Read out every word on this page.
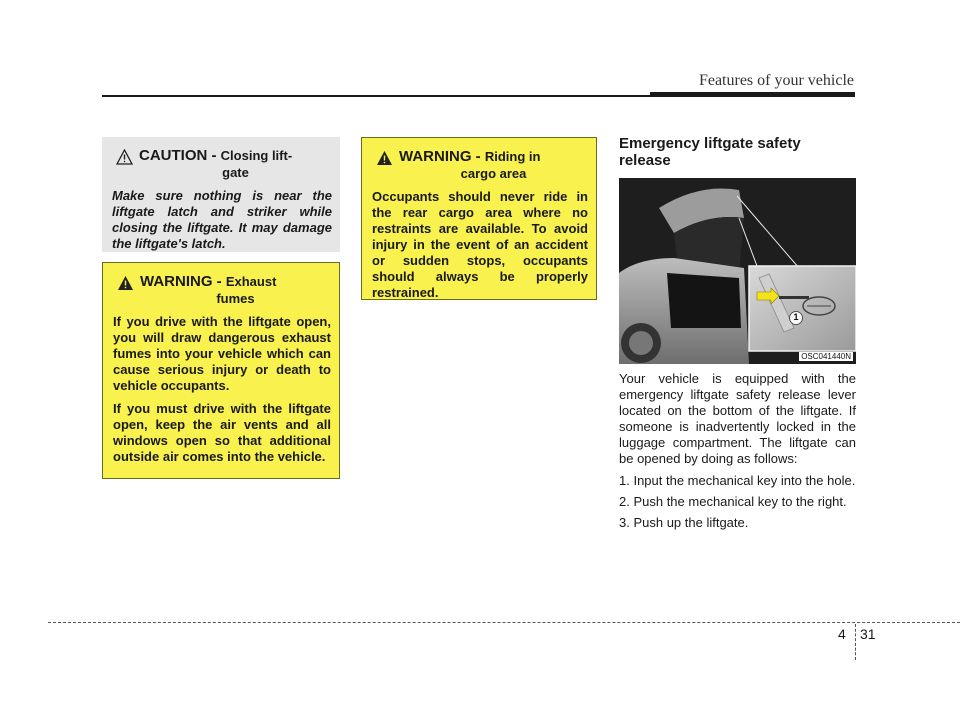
Features of your vehicle
CAUTION - Closing lift-
gate
Make sure nothing is near the liftgate latch and striker while closing the liftgate. It may damage the liftgate's latch.
WARNING - Exhaust
fumes

If you drive with the liftgate open, you will draw dangerous exhaust fumes into your vehicle which can cause serious injury or death to vehicle occupants.

If you must drive with the liftgate open, keep the air vents and all windows open so that additional outside air comes into the vehicle.

WARNING - Riding in
cargo area

Occupants should never ride in the rear cargo area where no restraints are available. To avoid injury in the event of an accident or sudden stops, occupants should always be properly restrained.

Emergency liftgate safety release
1
OSC041440N

Your vehicle is equipped with the emergency liftgate safety release lever located on the bottom of the liftgate. If someone is inadvertently locked in the luggage compartment. The liftgate can be opened by doing as follows:

1. Input the mechanical key into the hole.
2. Push the mechanical key to the right.
3. Push up the liftgate.
4 31
